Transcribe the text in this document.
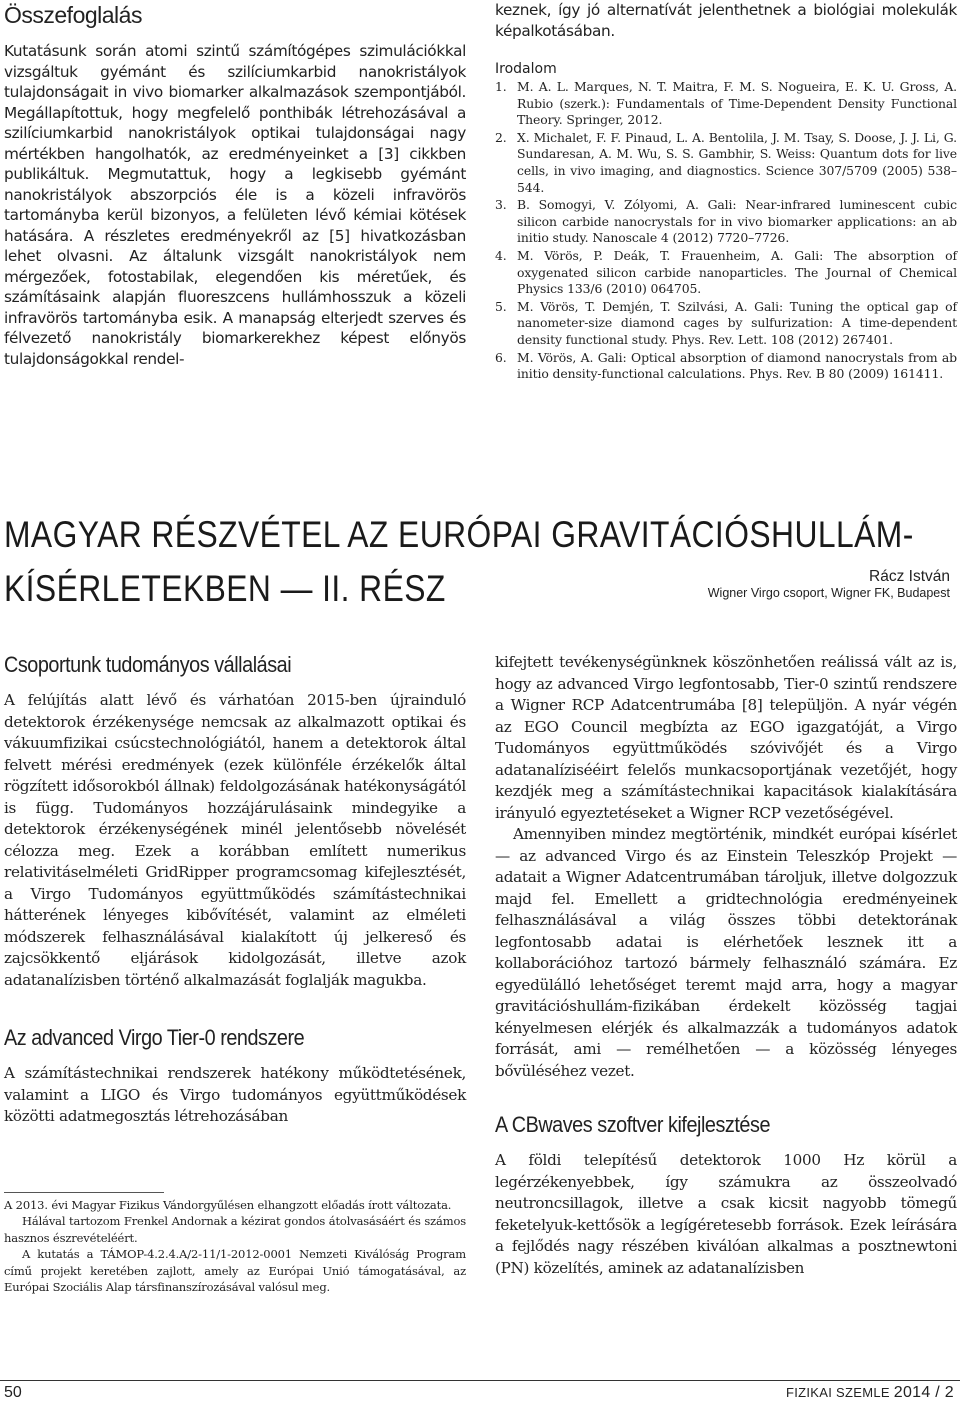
Összefoglalás

Kutatásunk során atomi szintű számítógépes szimulációkkal vizsgáltuk gyémánt és szilíciumkarbid nanokristályok tulajdonságait in vivo biomarker alkalmazások szempontjából. Megállapítottuk, hogy megfelelő ponthibák létrehozásával a szilíciumkarbid nanokristályok optikai tulajdonságai nagy mértékben hangolhatók, az eredményeinket a [3] cikkben publikáltuk. Megmutattuk, hogy a legkisebb gyémánt nanokristályok abszorpciós éle is a közeli infravörös tartományba kerül bizonyos, a felületen lévő kémiai kötések hatására. A részletes eredményekről az [5] hivatkozásban lehet olvasni. Az általunk vizsgált nanokristályok nem mérgezőek, fotostabilak, elegendően kis méretűek, és számításaink alapján fluoreszcens hullámhosszuk a közeli infravörös tartományba esik. A manapság elterjedt szerves és félvezető nanokristály biomarkerekhez képest előnyös tulajdonságokkal rendel-

keznek, így jó alternatívát jelenthetnek a biológiai molekulák képalkotásában.

Irodalom
1. M. A. L. Marques, N. T. Maitra, F. M. S. Nogueira, E. K. U. Gross, A. Rubio (szerk.): Fundamentals of Time-Dependent Density Functional Theory. Springer, 2012.
2. X. Michalet, F. F. Pinaud, L. A. Bentolila, J. M. Tsay, S. Doose, J. J. Li, G. Sundaresan, A. M. Wu, S. S. Gambhir, S. Weiss: Quantum dots for live cells, in vivo imaging, and diagnostics. Science 307/5709 (2005) 538–544.
3. B. Somogyi, V. Zólyomi, A. Gali: Near-infrared luminescent cubic silicon carbide nanocrystals for in vivo biomarker applications: an ab initio study. Nanoscale 4 (2012) 7720–7726.
4. M. Vörös, P. Deák, T. Frauenheim, A. Gali: The absorption of oxygenated silicon carbide nanoparticles. The Journal of Chemical Physics 133/6 (2010) 064705.
5. M. Vörös, T. Demjén, T. Szilvási, A. Gali: Tuning the optical gap of nanometer-size diamond cages by sulfurization: A time-dependent density functional study. Phys. Rev. Lett. 108 (2012) 267401.
6. M. Vörös, A. Gali: Optical absorption of diamond nanocrystals from ab initio density-functional calculations. Phys. Rev. B 80 (2009) 161411.
MAGYAR RÉSZVÉTEL AZ EURÓPAI GRAVITÁCIÓSHULLÁM-
KÍSÉRLETEKBEN — II. RÉSZ	Rácz István
Wigner Virgo csoport, Wigner FK, Budapest
Csoportunk tudományos vállalásai

A felújítás alatt lévő és várhatóan 2015-ben újrainduló detektorok érzékenysége nemcsak az alkalmazott optikai és vákuumfizikai csúcstechnológiától, hanem a detektorok által felvett mérési eredmények (ezek különféle érzékelők által rögzített idősorokból állnak) feldolgozásának hatékonyságától is függ. Tudományos hozzájárulásaink mindegyike a detektorok érzékenységének minél jelentősebb növelését célozza meg. Ezek a korábban említett numerikus relativitáselméleti GridRipper programcsomag kifejlesztését, a Virgo Tudományos együttműködés számítástechnikai hátterének lényeges kibővítését, valamint az elméleti módszerek felhasználásával kialakított új jelkereső és zajcsökkentő eljárások kidolgozását, illetve azok adatanalízisben történő alkalmazását foglalják magukba.

Az advanced Virgo Tier-0 rendszere

A számítástechnikai rendszerek hatékony működtetésének, valamint a LIGO és Virgo tudományos együttműködések közötti adatmegosztás létrehozásában

A 2013. évi Magyar Fizikus Vándorgyűlésen elhangzott előadás írott változata.

Hálával tartozom Frenkel Andornak a kézirat gondos átolvasásáért és számos hasznos észrevételéért.

A kutatás a TÁMOP-4.2.4.A/2-11/1-2012-0001 Nemzeti Kiválóság Program című projekt keretében zajlott, amely az Európai Unió támogatásával, az Európai Szociális Alap társfinanszírozásával valósul meg.

kifejtett tevékenységünknek köszönhetően reálissá vált az is, hogy az advanced Virgo legfontosabb, Tier-0 szintű rendszere a Wigner RCP Adatcentrumába [8] települjön. A nyár végén az EGO Council megbízta az EGO igazgatóját, a Virgo Tudományos együttműködés szóvivőjét és a Virgo adatanalízisééirt felelős munkacsoportjának vezetőjét, hogy kezdjék meg a számítástechnikai kapacitások kialakítására irányuló egyeztetéseket a Wigner RCP vezetőségével.

Amennyiben mindez megtörténik, mindkét európai kísérlet — az advanced Virgo és az Einstein Teleszkóp Projekt — adatait a Wigner Adatcentrumában tároljuk, illetve dolgozzuk majd fel. Emellett a gridtechnológia eredményeinek felhasználásával a világ összes többi detektorának legfontosabb adatai is elérhetőek lesznek itt a kollaborációhoz tartozó bármely felhasználó számára. Ez egyedülálló lehetőséget teremt majd arra, hogy a magyar gravitációshullám-fizikában érdekelt közösség tagjai kényelmesen elérjék és alkalmazzák a tudományos adatok forrását, ami — remélhetően — a közösség lényeges bővüléséhez vezet.

A CBwaves szoftver kifejlesztése

A földi telepítésű detektorok 1000 Hz körül a legérzékenyebbek, így számukra az összeolvadó neutroncsillagok, illetve a csak kicsit nagyobb tömegű feketelyuk-kettősök a legígéretesebb források. Ezek leírására a fejlődés nagy részében kiválóan alkalmas a posztnewtoni (PN) közelítés, aminek az adatanalízisben

50	FIZIKAI SZEMLE 2014 / 2
